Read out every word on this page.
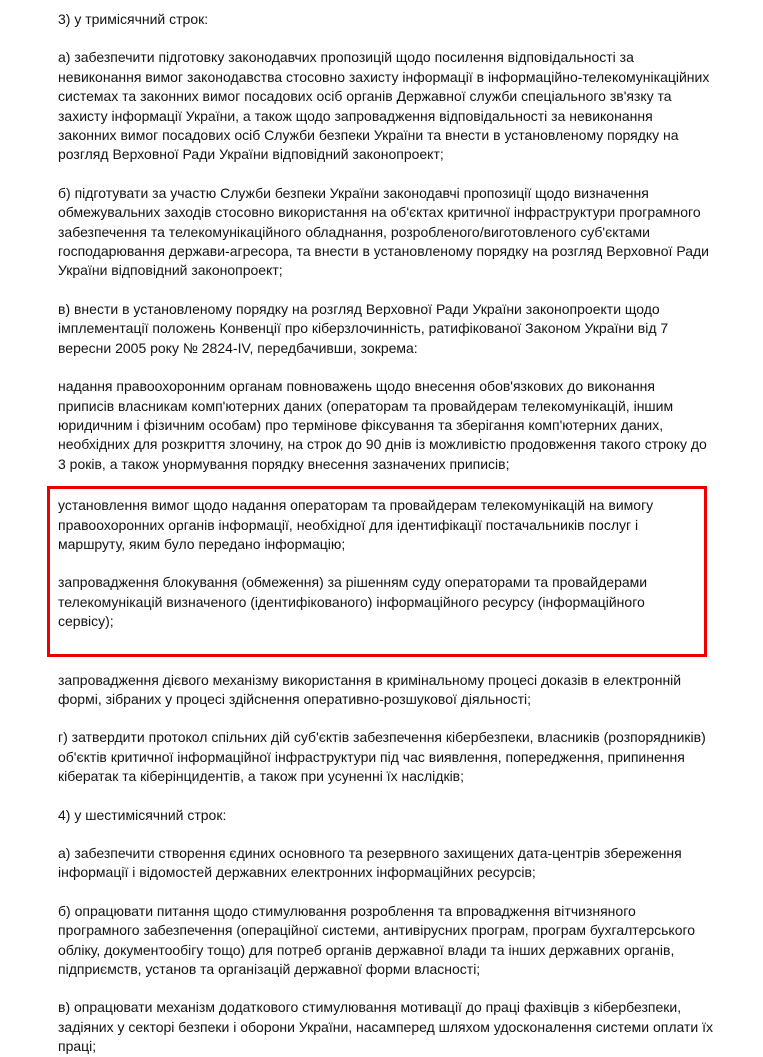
3) у тримісячний строк:

а) забезпечити підготовку законодавчих пропозицій щодо посилення відповідальності за невиконання вимог законодавства стосовно захисту інформації в інформаційно-телекомунікаційних системах та законних вимог посадових осіб органів Державної служби спеціального зв'язку та захисту інформації України, а також щодо запровадження відповідальності за невиконання законних вимог посадових осіб Служби безпеки України та внести в установленому порядку на розгляд Верховної Ради України відповідний законопроект;

б) підготувати за участю Служби безпеки України законодавчі пропозиції щодо визначення обмежувальних заходів стосовно використання на об'єктах критичної інфраструктури програмного забезпечення та телекомунікаційного обладнання, розробленого/виготовленого суб'єктами господарювання держави-агресора, та внести в установленому порядку на розгляд Верховної Ради України відповідний законопроект;

в) внести в установленому порядку на розгляд Верховної Ради України законопроекти щодо імплементації положень Конвенції про кіберзлочинність, ратифікованої Законом України від 7 вересни 2005 року № 2824-IV, передбачивши, зокрема:

надання правоохоронним органам повноважень щодо внесення обов'язкових до виконання приписів власникам комп'ютерних даних (операторам та провайдерам телекомунікацій, іншим юридичним і фізичним особам) про термінове фіксування та зберігання комп'ютерних даних, необхідних для розкриття злочину, на строк до 90 днів із можливістю продовження такого строку до 3 років, а також унормування порядку внесення зазначених приписів;

установлення вимог щодо надання операторам та провайдерам телекомунікацій на вимогу правоохоронних органів інформації, необхідної для ідентифікації постачальників послуг і маршруту, яким було передано інформацію;

запровадження блокування (обмеження) за рішенням суду операторами та провайдерами телекомунікацій визначеного (ідентифікованого) інформаційного ресурсу (інформаційного сервісу);

запровадження дієвого механізму використання в кримінальному процесі доказів в електронній формі, зібраних у процесі здійснення оперативно-розшукової діяльності;

г) затвердити протокол спільних дій суб'єктів забезпечення кібербезпеки, власників (розпорядників) об'єктів критичної інформаційної інфраструктури під час виявлення, попередження, припинення кібератак та кіберінцидентів, а також при усуненні їх наслідків;

4) у шестимісячний строк:

а) забезпечити створення єдиних основного та резервного захищених дата-центрів збереження інформації і відомостей державних електронних інформаційних ресурсів;

б) опрацювати питання щодо стимулювання розроблення та впровадження вітчизняного програмного забезпечення (операційної системи, антивірусних програм, програм бухгалтерського обліку, документообігу тощо) для потреб органів державної влади та інших державних органів, підприємств, установ та організацій державної форми власності;

в) опрацювати механізм додаткового стимулювання мотивації до праці фахівців з кібербезпеки, задіяних у секторі безпеки і оборони України, насамперед шляхом удосконалення системи оплати їх праці;
